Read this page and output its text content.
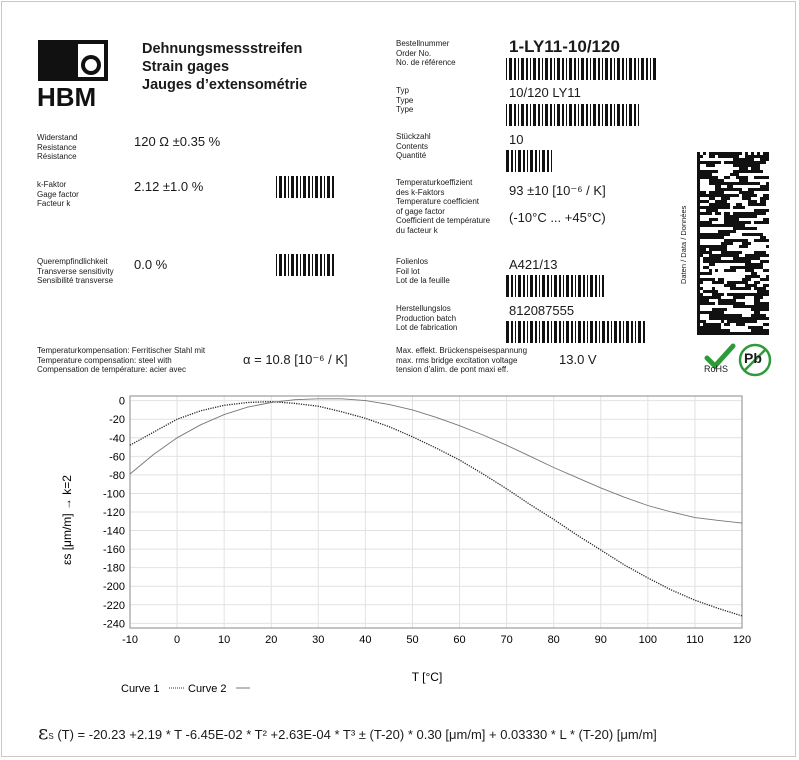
HBM
Dehnungsmessstreifen
Strain gages
Jauges d’extensométrie
Widerstand
Resistance
Résistance
120 Ω ±0.35 %
k-Faktor
Gage factor
Facteur k
2.12 ±1.0 %
Querempfindlichkeit
Transverse sensitivity
Sensibilité transverse
0.0 %
Temperaturkompensation: Ferritischer Stahl mit
Temperature compensation: steel with
Compensation de température: acier avec
α = 10.8 [10⁻⁶ / K]
Bestellnummer
Order No.
No. de référence
1-LY11-10/120
Typ
Type
Type
10/120 LY11
Stückzahl
Contents
Quantité
10
Temperaturkoeffizient
des k-Faktors
Temperature coefficient
of gage factor
Coefficient de température
du facteur k
93 ±10 [10⁻⁶ / K]
(-10°C ... +45°C)
Folienlos
Foil lot
Lot de la feuille
A421/13
Herstellungslos
Production batch
Lot de fabrication
812087555
Max. effekt. Brückenspeisespannung
max. rms bridge excitation voltage
tension d’alim. de pont maxi eff.
13.0 V
Daten / Data / Données
RoHS
Pb
-10	0	10	20	30	40	50	60	70	80	90	100	110	120
0
-20
-40
-60
-80
-100
-120
-140
-160
-180
-200
-220
-240
T [°C]
εs [μm/m] → k=2
Curve 1	Curve 2
εS (T) = -20.23 +2.19 * T -6.45E-02 * T² +2.63E-04 * T³ ± (T-20) * 0.30 [μm/m] + 0.03330 * L * (T-20) [μm/m]
